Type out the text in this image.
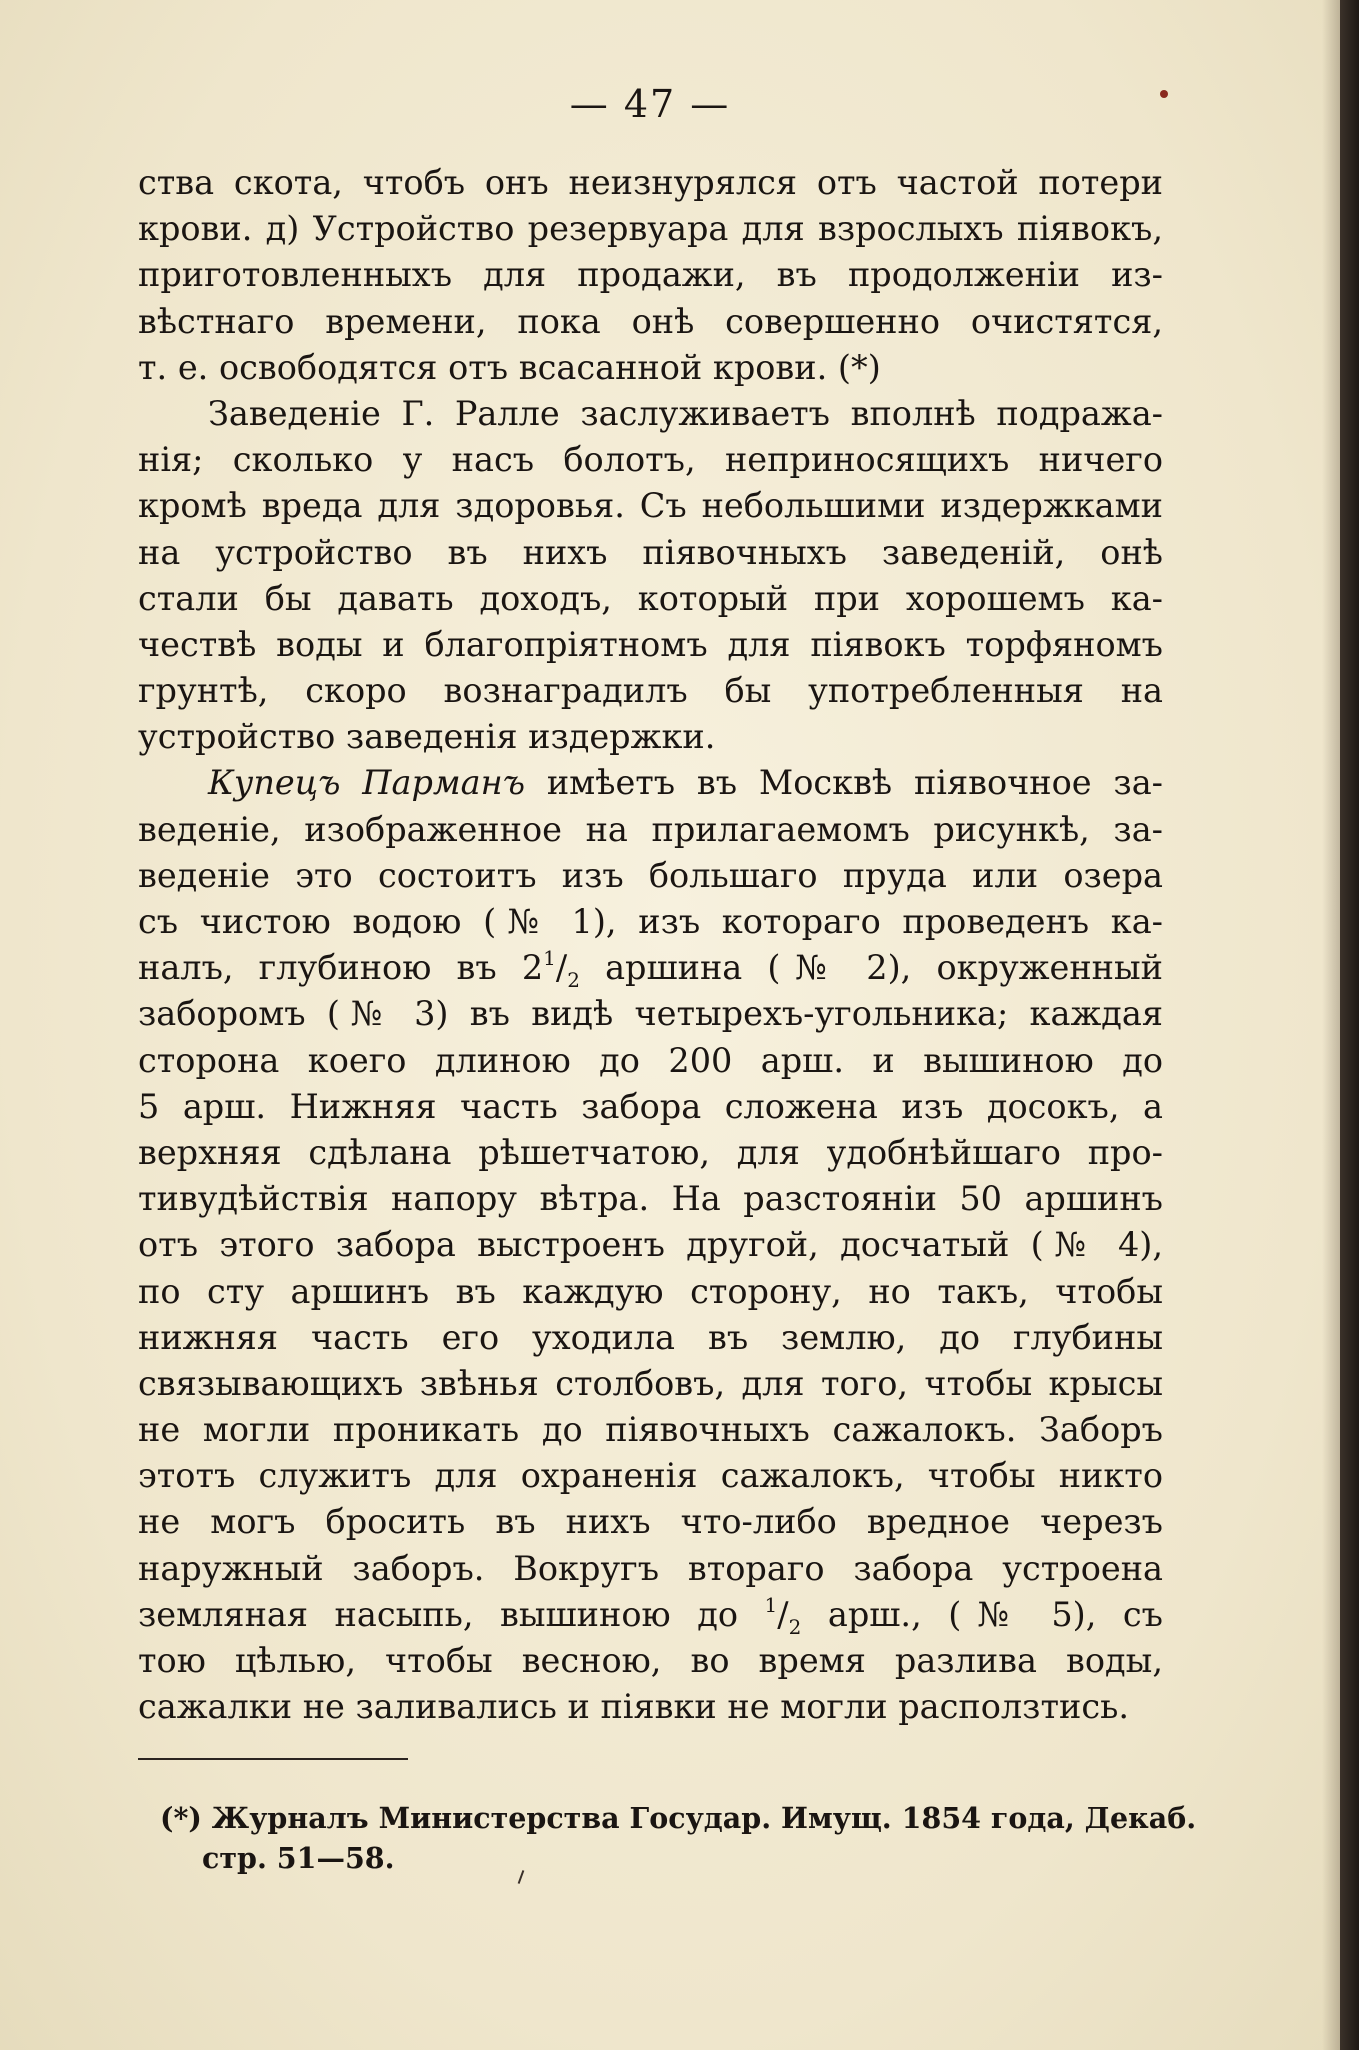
— 47 —
ства скота, чтобъ онъ неизнурялся отъ частой потери
крови. д) Устройство резервуара для взрослыхъ піявокъ,
приготовленныхъ для продажи, въ продолженіи из-
вѣстнаго времени, пока онѣ совершенно очистятся,
т. е. освободятся отъ всасанной крови. (*)
Заведеніе Г. Ралле заслуживаетъ вполнѣ подража-
нія; сколько у насъ болотъ, неприносящихъ ничего
кромѣ вреда для здоровья. Съ небольшими издержками
на устройство въ нихъ піявочныхъ заведеній, онѣ
стали бы давать доходъ, который при хорошемъ ка-
чествѣ воды и благопріятномъ для піявокъ торфяномъ
грунтѣ, скоро вознаградилъ бы употребленныя на
устройство заведенія издержки.
Купецъ Парманъ имѣетъ въ Москвѣ піявочное за-
веденіе, изображенное на прилагаемомъ рисункѣ, за-
веденіе это состоитъ изъ большаго пруда или озера
съ чистою водою (№ 1), изъ котораго проведенъ ка-
налъ, глубиною въ $2^1/_2$ aршина (№ 2), окруженный
заборомъ (№ 3) въ видѣ четырехъ-угольника; каждая
сторона коего длиною до 200 арш. и вышиною до
5 арш. Нижняя часть забора сложена изъ досокъ, а
верхняя сдѣлана рѣшетчатою, для удобнѣйшаго про-
тивудѣйствія напору вѣтра. На разстояніи 50 аршинъ
отъ этого забора выстроенъ другой, досчатый (№ 4),
по сту аршинъ въ каждую сторону, но такъ, чтобы
нижняя часть его уходила въ землю, до глубины
связывающихъ звѣнья столбовъ, для того, чтобы крысы
не могли проникать до піявочныхъ сажалокъ. Заборъ
этотъ служитъ для охраненія сажалокъ, чтобы никто
не могъ бросить въ нихъ что-либо вредное черезъ
наружный заборъ. Вокругъ втораго забора устроена
земляная насыпь, вышиною до $^1/_2$ арш., (№ 5), съ
тою цѣлью, чтобы весною, во время разлива воды,
сажалки не заливались и піявки не могли расползтись.
(*) Журналъ Министерства Государ. Имущ. 1854 года, Декаб.
стр. 51—58.
